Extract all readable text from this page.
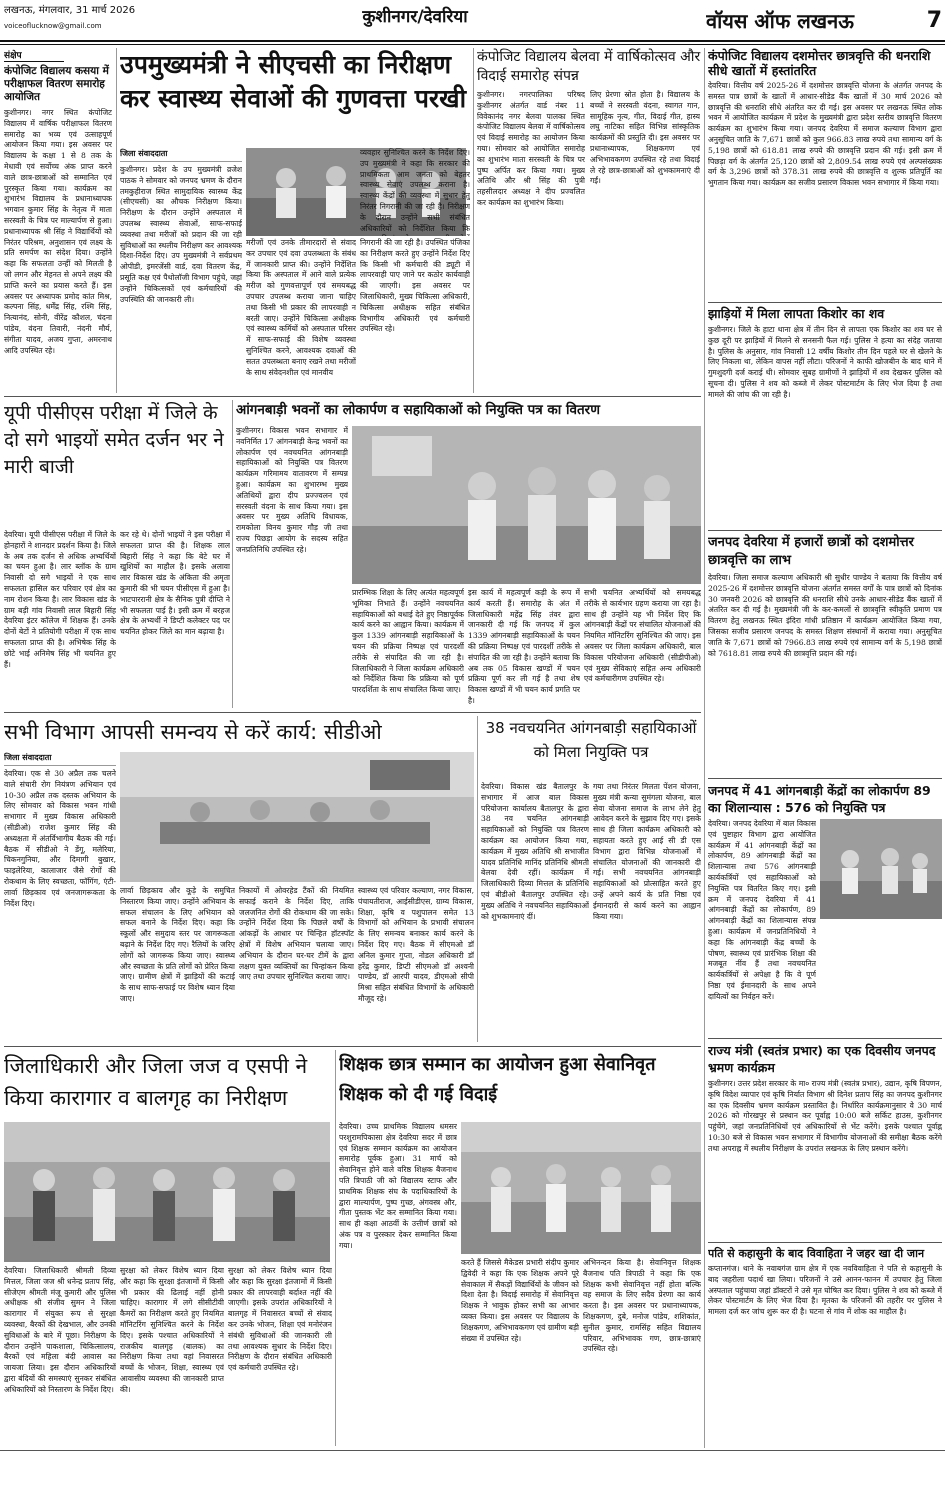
लखनऊ, मंगलवार, 31 मार्च 2026
voiceoflucknow@gmail.com	कुशीनगर/देवरिया	वॉयस ऑफ लखनऊ	7
संक्षेप
कंपोजिट विद्यालय कसया में परीक्षाफल वितरण समारोह आयोजित
कुशीनगर। नगर स्थित कंपोजिट विद्यालय में वार्षिक परीक्षाफल वितरण समारोह का भव्य एवं उत्साहपूर्ण आयोजन किया गया। इस अवसर पर विद्यालय के कक्षा 1 से 8 तक के मेधावी एवं सर्वोच्च अंक प्राप्त करने वाले छात्र-छात्राओं को सम्मानित एवं पुरस्कृत किया गया। कार्यक्रम का शुभारंभ विद्यालय के प्रधानाध्यापक भगवान कुमार सिंह के नेतृत्व में माता सरस्वती के चित्र पर माल्यार्पण से हुआ। प्रधानाध्यापक श्री सिंह ने विद्यार्थियों को निरंतर परिश्रम, अनुशासन एवं लक्ष्य के प्रति समर्पण का संदेश दिया। उन्होंने कहा कि सफलता उन्हीं को मिलती है जो लगन और मेहनत से अपने लक्ष्य की प्राप्ति करने का प्रयास करते हैं। इस अवसर पर अध्यापक प्रमोद कांत मिश्र, कल्पना सिंह, धर्मेंद्र सिंह, रश्मि सिंह, नित्यानंद, सोनी, वीरेंद्र कौशल, चंदना पांडेय, वंदना तिवारी, नंदनी मौर्य, संगीता यादव, अजय गुप्ता, अमरनाथ आदि उपस्थित रहे।
उपमुख्यमंत्री ने सीएचसी का निरीक्षण
कर स्वास्थ्य सेवाओं की गुणवत्ता परखी
जिला संवाददाता
कुशीनगर। प्रदेश के उप मुख्यमंत्री व्रजेश पाठक ने सोमवार को जनपद भ्रमण के दौरान तमकुहीराज स्थित सामुदायिक स्वास्थ्य केंद्र (सीएचसी) का औचक निरीक्षण किया। निरीक्षण के दौरान उन्होंने अस्पताल में उपलब्ध स्वास्थ्य सेवाओं, साफ-सफाई व्यवस्था तथा मरीजों को प्रदान की जा रही सुविधाओं का स्थलीय निरीक्षण कर आवश्यक दिशा-निर्देश दिए। उप मुख्यमंत्री ने सर्वप्रथम ओपीडी, इमरजेंसी वार्ड, दवा वितरण केंद्र, प्रसूति कक्ष एवं पैथोलॉजी विभाग पहुंचे, जहां उन्होंने चिकित्सकों एवं कर्मचारियों की उपस्थिति की जानकारी ली।
मरीजों एवं उनके तीमारदारों से संवाद कर उपचार एवं दवा उपलब्धता के संबंध में जानकारी प्राप्त की। उन्होंने निर्देशित किया कि अस्पताल में आने वाले प्रत्येक मरीज को गुणवत्तापूर्ण एवं समयबद्ध उपचार उपलब्ध कराया जाना चाहिए तथा किसी भी प्रकार की लापरवाही न बरती जाए। उन्होंने चिकित्सा अधीक्षक एवं स्वास्थ्य कर्मियों को अस्पताल परिसर में साफ-सफाई की विशेष व्यवस्था सुनिश्चित करने, आवश्यक दवाओं की सतत उपलब्धता बनाए रखने तथा मरीजों के साथ संवेदनशील एवं मानवीय
व्यवहार सुनिश्चित करने के निर्देश दिए। उप मुख्यमंत्री ने कहा कि सरकार की प्राथमिकता आम जनता को बेहतर स्वास्थ्य सेवाएं उपलब्ध कराना है। स्वास्थ्य केंद्रों की व्यवस्था में सुधार हेतु निरंतर निगरानी की जा रही है। निरीक्षण के दौरान उन्होंने सभी संबंधित अधिकारियों को निर्देशित किया कि
निगरानी की जा रही है। उपस्थित पंजिका का निरीक्षण करते हुए उन्होंने निर्देश दिए कि किसी भी कर्मचारी की ड्यूटी में लापरवाही पाए जाने पर कठोर कार्यवाही की जाएगी। इस अवसर पर जिलाधिकारी, मुख्य चिकित्सा अधिकारी, चिकित्सा अधीक्षक सहित संबंधित विभागीय अधिकारी एवं कर्मचारी उपस्थित रहे।
कंपोजिट विद्यालय बेलवा में वार्षिकोत्सव और विदाई समारोह संपन्न
कुशीनगर। नगरपालिका परिषद कुशीनगर अंतर्गत वार्ड नंबर 11 विवेकानंद नगर बेलवा पालका स्थित कंपोजिट विद्यालय बेलवा में वार्षिकोत्सव एवं विदाई समारोह का आयोजन किया गया। सोमवार को आयोजित समारोह का शुभारंभ माता सरस्वती के चित्र पर पुष्प अर्पित कर किया गया। मुख्य अतिथि और श्री सिंह की पुत्री तहसीलदार अध्यक्ष ने दीप प्रज्वलित कर कार्यक्रम का शुभारंभ किया।
लिए प्रेरणा स्रोत होता है। विद्यालय के बच्चों ने सरस्वती वंदना, स्वागत गान, सामूहिक नृत्य, गीत, विदाई गीत, हास्य लघु नाटिका सहित विभिन्न सांस्कृतिक कार्यक्रमों की प्रस्तुति दी। इस अवसर पर प्रधानाध्यापक, शिक्षकगण एवं अभिभावकगण उपस्थित रहे तथा विदाई ले रहे छात्र-छात्राओं को शुभकामनाएं दी गईं।
कंपोजिट विद्यालय दशमोत्तर छात्रवृत्ति की धनराशि सीधे खातों में हस्तांतरित
देवरिया। वित्तीय वर्ष 2025-26 में दशमोत्तर छात्रवृत्ति योजना के अंतर्गत जनपद के समस्त पात्र छात्रों के खातों में आधार-सीडेड बैंक खातों में 30 मार्च 2026 को छात्रवृत्ति की धनराशि सीधे अंतरित कर दी गई। इस अवसर पर लखनऊ स्थित लोक भवन में आयोजित कार्यक्रम में प्रदेश के मुख्यमंत्री द्वारा प्रदेश स्तरीय छात्रवृत्ति वितरण कार्यक्रम का शुभारंभ किया गया। जनपद देवरिया में समाज कल्याण विभाग द्वारा अनुसूचित जाति के 7,671 छात्रों को कुल 966.83 लाख रुपये तथा सामान्य वर्ग के 5,198 छात्रों को 618.81 लाख रुपये की छात्रवृत्ति प्रदान की गई। इसी क्रम में पिछड़ा वर्ग के अंतर्गत 25,120 छात्रों को 2,809.54 लाख रुपये एवं अल्पसंख्यक वर्ग के 3,296 छात्रों को 378.31 लाख रुपये की छात्रवृत्ति व शुल्क प्रतिपूर्ति का भुगतान किया गया। कार्यक्रम का सजीव प्रसारण विकास भवन सभागार में किया गया।
झाड़ियों में मिला लापता किशोर का शव
कुशीनगर। जिले के हाटा थाना क्षेत्र में तीन दिन से लापता एक किशोर का शव घर से कुछ दूरी पर झाड़ियों में मिलने से सनसनी फैल गई। पुलिस ने हत्या का संदेह जताया है। पुलिस के अनुसार, गांव निवासी 12 वर्षीय किशोर तीन दिन पहले घर से खेलने के लिए निकला था, लेकिन वापस नहीं लौटा। परिजनों ने काफी खोजबीन के बाद थाने में गुमशुदगी दर्ज कराई थी। सोमवार सुबह ग्रामीणों ने झाड़ियों में शव देखकर पुलिस को सूचना दी। पुलिस ने शव को कब्जे में लेकर पोस्टमार्टम के लिए भेज दिया है तथा मामले की जांच की जा रही है।
जनपद देवरिया में हजारों छात्रों को दशमोत्तर छात्रवृत्ति का लाभ
देवरिया। जिला समाज कल्याण अधिकारी श्री सुधीर पाण्डेय ने बताया कि वित्तीय वर्ष 2025-26 में दशमोत्तर छात्रवृत्ति योजना अंतर्गत समस्त वर्गों के पात्र छात्रों को दिनांक 30 जनवरी 2026 को छात्रवृत्ति की धनराशि सीधे उनके आधार-सीडेड बैंक खातों में अंतरित कर दी गई है। मुख्यमंत्री जी के कर-कमलों से छात्रवृत्ति स्वीकृति प्रमाण पत्र वितरण हेतु लखनऊ स्थित इंदिरा गांधी प्रतिष्ठान में कार्यक्रम आयोजित किया गया, जिसका सजीव प्रसारण जनपद के समस्त शिक्षण संस्थानों में कराया गया। अनुसूचित जाति के 7,671 छात्रों को 7966.83 लाख रुपये एवं सामान्य वर्ग के 5,198 छात्रों को 7618.81 लाख रुपये की छात्रवृत्ति प्रदान की गई।
जनपद में 41 आंगनबाड़ी केंद्रों का लोकार्पण 89 का शिलान्यास : 576 को नियुक्ति पत्र
देवरिया। जनपद देवरिया में बाल विकास एवं पुष्टाहार विभाग द्वारा आयोजित कार्यक्रम में 41 आंगनबाड़ी केंद्रों का लोकार्पण, 89 आंगनबाड़ी केंद्रों का शिलान्यास तथा 576 आंगनबाड़ी कार्यकर्त्रियों एवं सहायिकाओं को नियुक्ति पत्र वितरित किए गए। इसी क्रम में जनपद देवरिया में 41 आंगनबाड़ी केंद्रों का लोकार्पण, 89 आंगनबाड़ी केंद्रों का शिलान्यास संपन्न हुआ। कार्यक्रम में जनप्रतिनिधियों ने कहा कि आंगनबाड़ी केंद्र बच्चों के पोषण, स्वास्थ्य एवं प्रारंभिक शिक्षा की मजबूत नींव हैं तथा नवचयनित कार्यकर्त्रियों से अपेक्षा है कि वे पूर्ण निष्ठा एवं ईमानदारी के साथ अपने दायित्वों का निर्वहन करें।
राज्य मंत्री (स्वतंत्र प्रभार) का एक दिवसीय जनपद भ्रमण कार्यक्रम
कुशीनगर। उत्तर प्रदेश सरकार के मा० राज्य मंत्री (स्वतंत्र प्रभार), उद्यान, कृषि विपणन, कृषि विदेश व्यापार एवं कृषि निर्यात विभाग श्री दिनेश प्रताप सिंह का जनपद कुशीनगर का एक दिवसीय भ्रमण कार्यक्रम प्रस्तावित है। निर्धारित कार्यक्रमानुसार वे 30 मार्च 2026 को गोरखपुर से प्रस्थान कर पूर्वाह्न 10:00 बजे सर्किट हाउस, कुशीनगर पहुंचेंगे, जहां जनप्रतिनिधियों एवं अधिकारियों से भेंट करेंगे। इसके पश्चात पूर्वाह्न 10:30 बजे से विकास भवन सभागार में विभागीय योजनाओं की समीक्षा बैठक करेंगे तथा अपराह्न में स्थलीय निरीक्षण के उपरांत लखनऊ के लिए प्रस्थान करेंगे।
पति से कहासुनी के बाद विवाहिता ने जहर खा दी जान
कप्तानगंज। थाने के नवाबगंज ग्राम क्षेत्र में एक नवविवाहिता ने पति से कहासुनी के बाद जहरीला पदार्थ खा लिया। परिजनों ने उसे आनन-फानन में उपचार हेतु जिला अस्पताल पहुंचाया जहां डॉक्टरों ने उसे मृत घोषित कर दिया। पुलिस ने शव को कब्जे में लेकर पोस्टमार्टम के लिए भेज दिया है। मृतका के परिजनों की तहरीर पर पुलिस ने मामला दर्ज कर जांच शुरू कर दी है। घटना से गांव में शोक का माहौल है।
यूपी पीसीएस परीक्षा में जिले के दो सगे भाइयों समेत दर्जन भर ने मारी बाजी
देवरिया। यूपी पीसीएस परीक्षा में जिले के होनहारों ने शानदार प्रदर्शन किया है। जिले के अब तक दर्जन से अधिक अभ्यर्थियों का चयन हुआ है। लार ब्लॉक के ग्राम निवासी दो सगे भाइयों ने एक साथ सफलता हासिल कर परिवार एवं क्षेत्र का नाम रोशन किया है। लार विकास खंड के ग्राम बड़ी गांव निवासी लाल बिहारी सिंह देवरिया इंटर कॉलेज में शिक्षक हैं। उनके दोनों बेटों ने प्रतियोगी परीक्षा में एक साथ सफलता प्राप्त की है। अभिषेक सिंह के छोटे भाई अनिमेष सिंह भी चयनित हुए हैं।
कर रहे थे। दोनों भाइयों ने इस परीक्षा में सफलता प्राप्त की है। शिक्षक लाल बिहारी सिंह ने कहा कि बेटे घर में खुशियों का माहौल है। इसके अलावा लार विकास खंड के अंकिता की अमृता कुमारी की भी चयन पीसीएस में हुआ है। भाटपाररानी क्षेत्र के सैनिक पुत्री दीप्ति ने भी सफलता पाई है। इसी क्रम में बरहज क्षेत्र के अभ्यर्थी ने डिप्टी कलेक्टर पद पर चयनित होकर जिले का मान बढ़ाया है।
आंगनबाड़ी भवनों का लोकार्पण व सहायिकाओं को नियुक्ति पत्र का वितरण
कुशीनगर। विकास भवन सभागार में नवनिर्मित 17 आंगनबाड़ी केन्द्र भवनों का लोकार्पण एवं नवचयनित आंगनबाड़ी सहायिकाओं को नियुक्ति पत्र वितरण कार्यक्रम गरिमामय वातावरण में सम्पन्न हुआ। कार्यक्रम का शुभारम्भ मुख्य अतिथियों द्वारा दीप प्रज्ज्वलन एवं सरस्वती वंदना के साथ किया गया। इस अवसर पर मुख्य अतिथि विधायक, रामकोला विनय कुमार गौड़ जी तथा राज्य पिछड़ा आयोग के सदस्य सहित जनप्रतिनिधि उपस्थित रहे।
प्रारम्भिक शिक्षा के लिए अत्यंत महत्वपूर्ण भूमिका निभाते हैं। उन्होंने नवचयनित सहायिकाओं को बधाई देते हुए निष्ठापूर्वक कार्य करने का आह्वान किया। कार्यक्रम में कुल 1339 आंगनबाड़ी सहायिकाओं के चयन की प्रक्रिया निष्पक्ष एवं पारदर्शी तरीके से संपादित की जा रही है। जिलाधिकारी ने जिला कार्यक्रम अधिकारी को निर्देशित किया कि प्रक्रिया को पूर्ण पारदर्शिता के साथ संचालित किया जाए।
इस कार्य में महत्वपूर्ण कड़ी के रूप में कार्य करती हैं। समारोह के अंत में जिलाधिकारी महेंद्र सिंह तंवर द्वारा जानकारी दी गई कि जनपद में कुल 1339 आंगनबाड़ी सहायिकाओं के चयन की प्रक्रिया निष्पक्ष एवं पारदर्शी तरीके से संपादित की जा रही है। उन्होंने बताया कि अब तक 05 विकास खण्डों में चयन प्रक्रिया पूर्ण कर ली गई है तथा शेष विकास खण्डों में भी चयन कार्य प्रगति पर है।
सभी चयनित अभ्यर्थियों को समयबद्ध तरीके से कार्यभार ग्रहण कराया जा रहा है। साथ ही उन्होंने यह भी निर्देश दिए कि आंगनबाड़ी केंद्रों पर संचालित योजनाओं की नियमित मॉनिटरिंग सुनिश्चित की जाए। इस अवसर पर जिला कार्यक्रम अधिकारी, बाल विकास परियोजना अधिकारी (सीडीपीओ) एवं मुख्य सेविकाएं सहित अन्य अधिकारी एवं कर्मचारीगण उपस्थित रहे।
सभी विभाग आपसी समन्वय से करें कार्य: सीडीओ
जिला संवाददाता
देवरिया। एक से 30 अप्रैल तक चलने वाले संचारी रोग नियंत्रण अभियान एवं 10-30 अप्रैल तक दस्तक अभियान के लिए सोमवार को विकास भवन गांधी सभागार में मुख्य विकास अधिकारी (सीडीओ) राजेश कुमार सिंह की अध्यक्षता में अंतर्विभागीय बैठक की गई। बैठक में सीडीओ ने डेंगू, मलेरिया, चिकनगुनिया, और दिमागी बुखार, फाइलेरिया, कालाजार जैसे रोगों की रोकथाम के लिए स्वच्छता, फॉगिंग, एंटी-लार्वा छिड़काव एवं जनजागरूकता के निर्देश दिए।
लार्वा छिड़काव और कूड़े के समुचित निस्तारण किया जाए। उन्होंने अभियान के सफल संचालन के लिए अभियान को सफल बनाने के निर्देश दिए। कहा कि स्कूलों और समुदाय स्तर पर जागरूकता बढ़ाने के निर्देश दिए गए। रैलियों के जरिए लोगों को जागरूक किया जाए। स्वास्थ्य और स्वच्छता के प्रति लोगों को प्रेरित किया जाए। ग्रामीण क्षेत्रों में झाड़ियों की कटाई के साथ साफ-सफाई पर विशेष ध्यान दिया जाए।
निकायों में ओवरहेड टैंकों की नियमित सफाई कराने के निर्देश दिए, ताकि जलजनित रोगों की रोकथाम की जा सके। उन्होंने निर्देश दिया कि पिछले वर्षों के आंकड़ों के आधार पर चिन्हित हॉटस्पॉट क्षेत्रों में विशेष अभियान चलाया जाए। अभियान के दौरान घर-घर टीमें के द्वारा लक्षण युक्त व्यक्तियों का चिन्हांकन किया जाए तथा उपचार सुनिश्चित कराया जाए।
स्वास्थ्य एवं परिवार कल्याण, नगर विकास, पंचायतीराज, आईसीडीएस, ग्राम्य विकास, शिक्षा, कृषि व पशुपालन समेत 13 विभागों को अभियान के प्रभावी संचालन के लिए समन्वय बनाकर कार्य करने के निर्देश दिए गए। बैठक में सीएमओ डॉ अनिल कुमार गुप्ता, नोडल अधिकारी डॉ हरेंद्र कुमार, डिप्टी सीएमओ डॉ अश्वनी पाण्डेय, डॉ आरपी यादव, डीएमओ सीपी मिश्रा सहित संबंधित विभागों के अधिकारी मौजूद रहे।
38 नवचयनित आंगनबाड़ी सहायिकाओं को मिला नियुक्ति पत्र
देवरिया। विकास खंड बैतालपुर के सभागार में आज बाल विकास परियोजना कार्यालय बैतालपुर के द्वारा 38 नव चयनित आंगनबाड़ी सहायिकाओं को नियुक्ति पत्र वितरण कार्यक्रम का आयोजन किया गया, कार्यक्रम में मुख्य अतिथि श्री सभाजीत यादव प्रतिनिधि मानिंद प्रतिनिधि श्रीमती बेलवा देवी रहीं। कार्यक्रम में जिलाधिकारी दिव्या मित्तल के प्रतिनिधि एवं बीडीओ बैतालपुर उपस्थित रहे। मुख्य अतिथि ने नवचयनित सहायिकाओं को शुभकामनाएं दीं।
गया तथा निरंतर मिलता पेंशन योजना, मुख्य मंत्री कन्या सुमंगला योजना, बाल सेवा योजना समाज के लाभ लेने हेतु आवेदन करने के सुझाव दिए गए। इसके साथ ही जिला कार्यक्रम अधिकारी को सहायता करते हुए आई सी डी एस विभाग द्वारा विभिन्न योजनाओं में संचालित योजनाओं की जानकारी दी गई। सभी नवचयनित आंगनबाड़ी सहायिकाओं को प्रोत्साहित करते हुए उन्हें अपने कार्य के प्रति निष्ठा एवं ईमानदारी से कार्य करने का आह्वान किया गया।
जिलाधिकारी और जिला जज व एसपी ने किया कारागार व बालगृह का निरीक्षण
देवरिया। जिलाधिकारी श्रीमती दिव्या मित्तल, जिला जज श्री धनेन्द्र प्रताप सिंह, सीजेएम श्रीमती मंजू कुमारी और पुलिस अधीक्षक श्री संजीव सुमन ने जिला कारागार में संयुक्त रूप से सुरक्षा व्यवस्था, बैरकों की देखभाल, और उनकी सुविधाओं के बारे में पूछा। निरीक्षण के दौरान उन्होंने पाकशाला, चिकित्सालय, बैरकों एवं महिला बंदी आवास का जायजा लिया। इस दौरान अधिकारियों द्वारा बंदियों की समस्याएं सुनकर संबंधित अधिकारियों को निस्तारण के निर्देश दिए।
सुरक्षा को लेकर विशेष ध्यान दिया और कहा कि सुरक्षा इंतजामों में किसी भी प्रकार की ढिलाई नहीं होनी चाहिए। कारागार में लगे सीसीटीवी कैमरों का निरीक्षण करते हुए नियमित मॉनिटरिंग सुनिश्चित करने के निर्देश दिए। इसके पश्चात अधिकारियों ने राजकीय बालगृह (बालक) का निरीक्षण किया तथा वहां निवासरत बच्चों के भोजन, शिक्षा, स्वास्थ्य एवं आवासीय व्यवस्था की जानकारी प्राप्त की।
सुरक्षा को लेकर विशेष ध्यान दिया और कहा कि सुरक्षा इंतजामों में किसी प्रकार की लापरवाही बर्दाश्त नहीं की जाएगी। इसके उपरांत अधिकारियों ने बालगृह में निवासरत बच्चों से संवाद कर उनके भोजन, शिक्षा एवं मनोरंजन संबंधी सुविधाओं की जानकारी ली तथा आवश्यक सुधार के निर्देश दिए। निरीक्षण के दौरान संबंधित अधिकारी एवं कर्मचारी उपस्थित रहे।
शिक्षक छात्र सम्मान का आयोजन हुआ सेवानिवृत शिक्षक को दी गई विदाई
देवरिया। उच्च प्राथमिक विद्यालय धमसर परशुरामपिकासा क्षेत्र देवरिया सदर में छात्र एवं शिक्षक सम्मान कार्यक्रम का आयोजन समारोह पूर्वक हुआ। 31 मार्च को सेवानिवृत्त होने वाले वरिष्ठ शिक्षक बैजनाथ पति त्रिपाठी जी को विद्यालय स्टाफ और प्राथमिक शिक्षक संघ के पदाधिकारियों के द्वारा माल्यार्पण, पुष्प गुच्छ, अंगवस्त्र और, गीता पुस्तक भेंट कर सम्मानित किया गया। साथ ही कक्षा आठवीं के उत्तीर्ण छात्रों को अंक पत्र व पुरस्कार देकर सम्मानित किया गया।
करते हैं जिससे मैकेडस प्रभारी संदीप कुमार द्विवेदी ने कहा कि एक शिक्षक अपने पूरे सेवाकाल में सैकड़ों विद्यार्थियों के जीवन को दिशा देता है। विदाई समारोह में सेवानिवृत्त शिक्षक ने भावुक होकर सभी का आभार व्यक्त किया। इस अवसर पर विद्यालय के शिक्षकगण, अभिभावकगण एवं ग्रामीण बड़ी संख्या में उपस्थित रहे।
अभिनन्दन किया है। सेवानिवृत्त शिक्षक बैजनाथ पति त्रिपाठी ने कहा कि एक शिक्षक कभी सेवानिवृत्त नहीं होता बल्कि वह समाज के लिए सदैव प्रेरणा का कार्य करता है। इस अवसर पर प्रधानाध्यापक, शिक्षकगण, दुबे, मनोज पांडेय, शशिकांत, सुनील कुमार, रामसिंह सहित विद्यालय परिवार, अभिभावक गण, छात्र-छात्राएं उपस्थित रहे।
